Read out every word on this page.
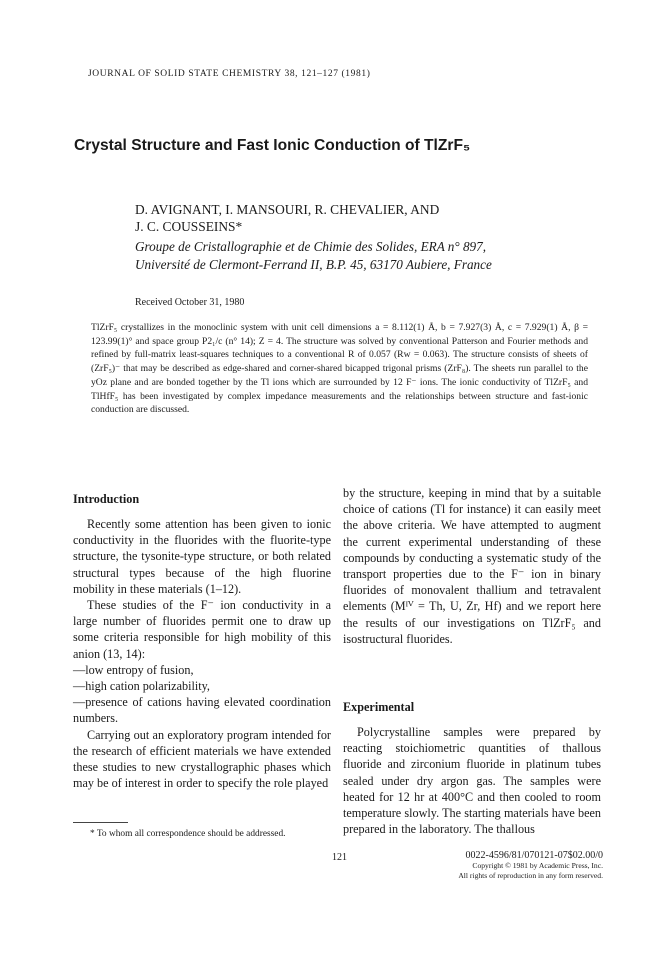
JOURNAL OF SOLID STATE CHEMISTRY 38, 121–127 (1981)
Crystal Structure and Fast Ionic Conduction of TlZrF₅
D. AVIGNANT, I. MANSOURI, R. CHEVALIER, AND
J. C. COUSSEINS*
Groupe de Cristallographie et de Chimie des Solides, ERA n° 897,
Université de Clermont-Ferrand II, B.P. 45, 63170 Aubiere, France
Received October 31, 1980
TlZrF₅ crystallizes in the monoclinic system with unit cell dimensions a = 8.112(1) Å, b = 7.927(3) Å, c = 7.929(1) Å, β = 123.99(1)° and space group P2₁/c (n° 14); Z = 4. The structure was solved by conventional Patterson and Fourier methods and refined by full-matrix least-squares techniques to a conventional R of 0.057 (Rw = 0.063). The structure consists of sheets of (ZrF₅)⁻ that may be described as edge-shared and corner-shared bicapped trigonal prisms (ZrF₈). The sheets run parallel to the yOz plane and are bonded together by the Tl ions which are surrounded by 12 F⁻ ions. The ionic conductivity of TlZrF₅ and TlHfF₅ has been investigated by complex impedance measurements and the relationships between structure and fast-ionic conduction are discussed.
Introduction

Recently some attention has been given to ionic conductivity in the fluorides with the fluorite-type structure, the tysonite-type structure, or both related structural types because of the high fluorine mobility in these materials (1–12).

These studies of the F⁻ ion conductivity in a large number of fluorides permit one to draw up some criteria responsible for high mobility of this anion (13, 14):

—low entropy of fusion,

—high cation polarizability,

—presence of cations having elevated coordination numbers.

Carrying out an exploratory program intended for the research of efficient materials we have extended these studies to new crystallographic phases which may be of interest in order to specify the role played

* To whom all correspondence should be addressed.

by the structure, keeping in mind that by a suitable choice of cations (Tl for instance) it can easily meet the above criteria. We have attempted to augment the current experimental understanding of these compounds by conducting a systematic study of the transport properties due to the F⁻ ion in binary fluorides of monovalent thallium and tetravalent elements (Mᴵⱽ = Th, U, Zr, Hf) and we report here the results of our investigations on TlZrF₅ and isostructural fluorides.

Experimental

Polycrystalline samples were prepared by reacting stoichiometric quantities of thallous fluoride and zirconium fluoride in platinum tubes sealed under dry argon gas. The samples were heated for 12 hr at 400°C and then cooled to room temperature slowly. The starting materials have been prepared in the laboratory. The thallous

121	0022-4596/81/070121-07$02.00/0
Copyright © 1981 by Academic Press, Inc.
All rights of reproduction in any form reserved.
